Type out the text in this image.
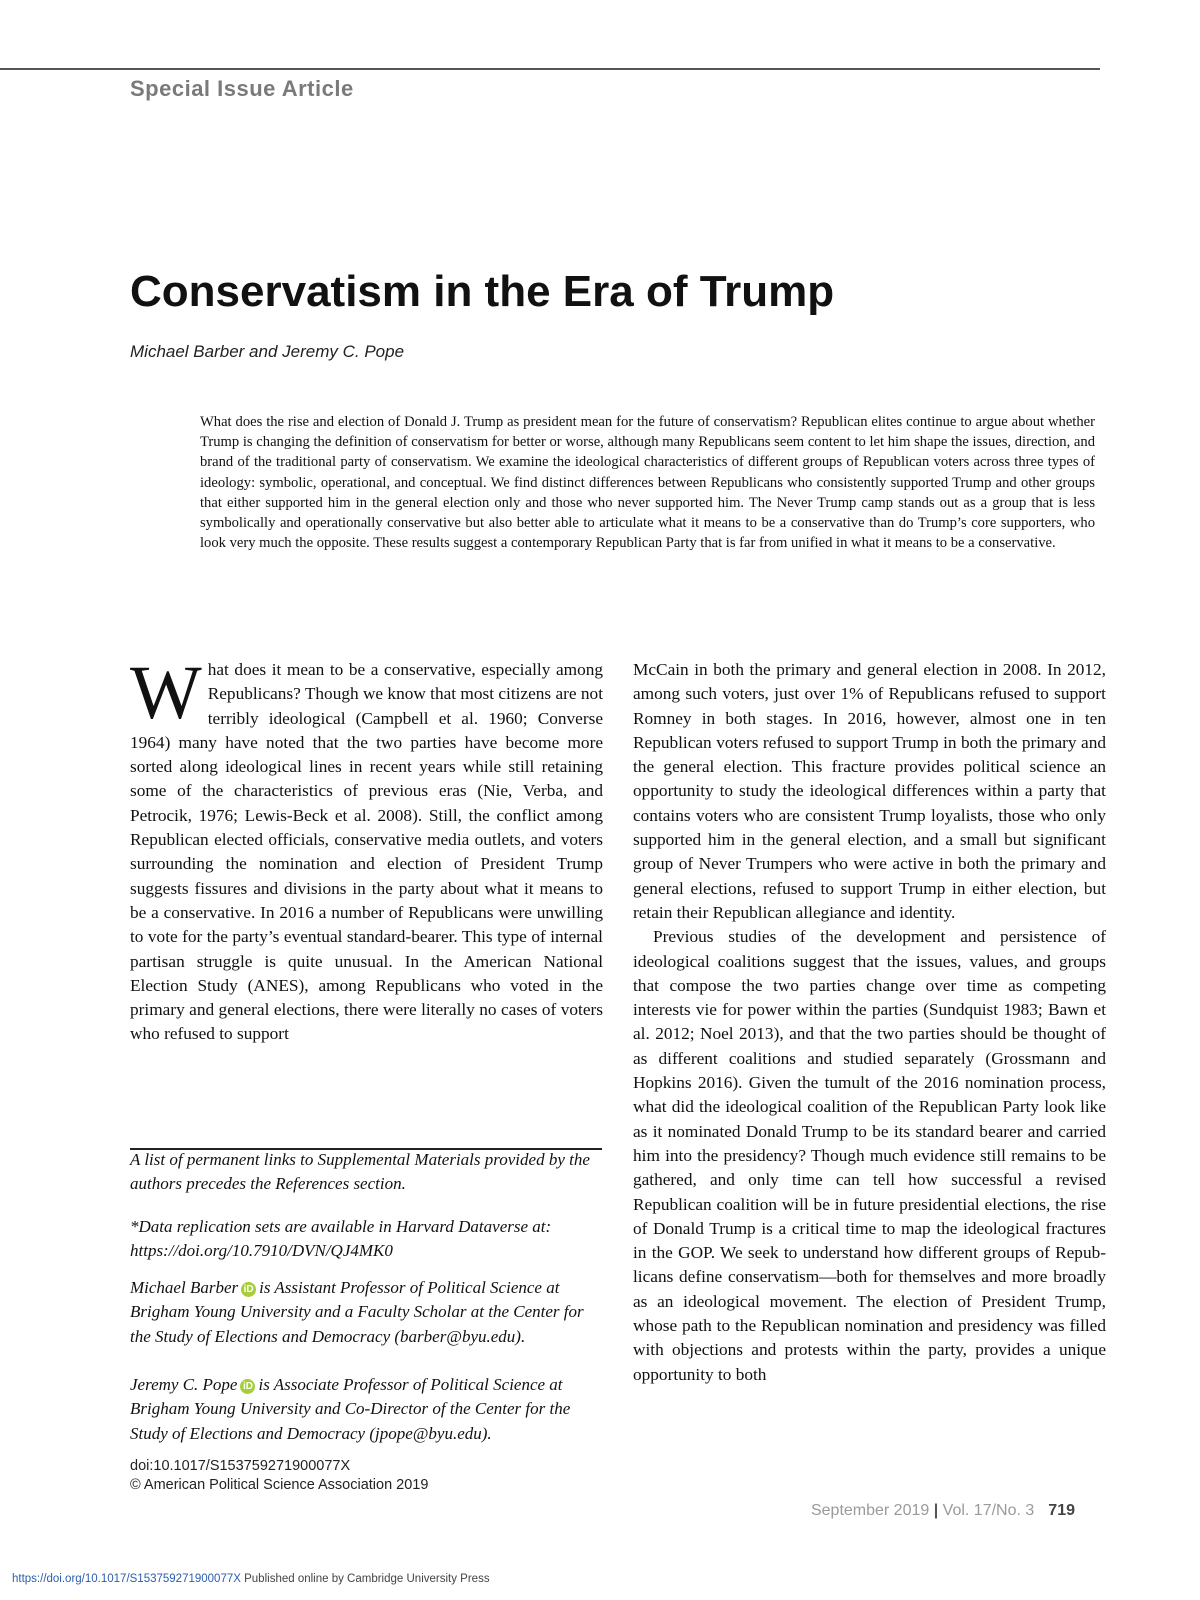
Special Issue Article

Conservatism in the Era of Trump

Michael Barber and Jeremy C. Pope

What does the rise and election of Donald J. Trump as president mean for the future of conservatism? Republican elites continue to argue about whether Trump is changing the definition of conservatism for better or worse, although many Republicans seem content to let him shape the issues, direction, and brand of the traditional party of conservatism. We examine the ideological characteristics of different groups of Republican voters across three types of ideology: symbolic, operational, and conceptual. We find distinct differences between Republicans who consistently supported Trump and other groups that either supported him in the general election only and those who never supported him. The Never Trump camp stands out as a group that is less symbolically and operationally conservative but also better able to articulate what it means to be a conservative than do Trump’s core supporters, who look very much the opposite. These results suggest a contemporary Republican Party that is far from unified in what it means to be a conservative.

What does it mean to be a conservative, especially among Republicans? Though we know that most citizens are not terribly ideological (Campbell et al. 1960; Converse 1964) many have noted that the two parties have become more sorted along ideological lines in recent years while still retaining some of the characteristics of previous eras (Nie, Verba, and Petrocik, 1976; Lewis-Beck et al. 2008). Still, the conflict among Republican elected officials, conservative media outlets, and voters surrounding the nomination and election of President Trump suggests fissures and divisions in the party about what it means to be a conservative. In 2016 a number of Republicans were unwilling to vote for the party’s eventual standard-bearer. This type of internal partisan struggle is quite unusual. In the American National Election Study (ANES), among Republicans who voted in the primary and general elections, there were literally no cases of voters who refused to support

McCain in both the primary and general election in 2008. In 2012, among such voters, just over 1% of Republicans refused to support Romney in both stages. In 2016, however, almost one in ten Republican voters refused to support Trump in both the primary and the general election. This fracture provides political science an opportunity to study the ideological differences within a party that contains voters who are consistent Trump loyalists, those who only supported him in the general election, and a small but significant group of Never Trumpers who were active in both the primary and general elections, refused to support Trump in either election, but retain their Republican allegiance and identity.

Previous studies of the development and persistence of ideological coalitions suggest that the issues, values, and groups that compose the two parties change over time as competing interests vie for power within the parties (Sundquist 1983; Bawn et al. 2012; Noel 2013), and that the two parties should be thought of as different coalitions and studied separately (Grossmann and Hopkins 2016). Given the tumult of the 2016 nomination process, what did the ideological coalition of the Republican Party look like as it nominated Donald Trump to be its standard bearer and carried him into the presidency? Though much evidence still remains to be gathered, and only time can tell how successful a revised Republican coalition will be in future presidential elections, the rise of Donald Trump is a critical time to map the ideological fractures in the GOP. We seek to understand how different groups of Republicans define conservatism—both for themselves and more broadly as an ideological movement. The election of President Trump, whose path to the Republican nomination and presidency was filled with objections and protests within the party, provides a unique opportunity to both

A list of permanent links to Supplemental Materials provided by the authors precedes the References section.

*Data replication sets are available in Harvard Dataverse at: https://doi.org/10.7910/DVN/QJ4MK0

Michael Barber iD is Assistant Professor of Political Science at Brigham Young University and a Faculty Scholar at the Center for the Study of Elections and Democracy (barber@byu.edu).

Jeremy C. Pope iD is Associate Professor of Political Science at Brigham Young University and Co-Director of the Center for the Study of Elections and Democracy (jpope@byu.edu).

doi:10.1017/S153759271900077X

© American Political Science Association 2019

September 2019 | Vol. 17/No. 3 719

https://doi.org/10.1017/S153759271900077X Published online by Cambridge University Press
